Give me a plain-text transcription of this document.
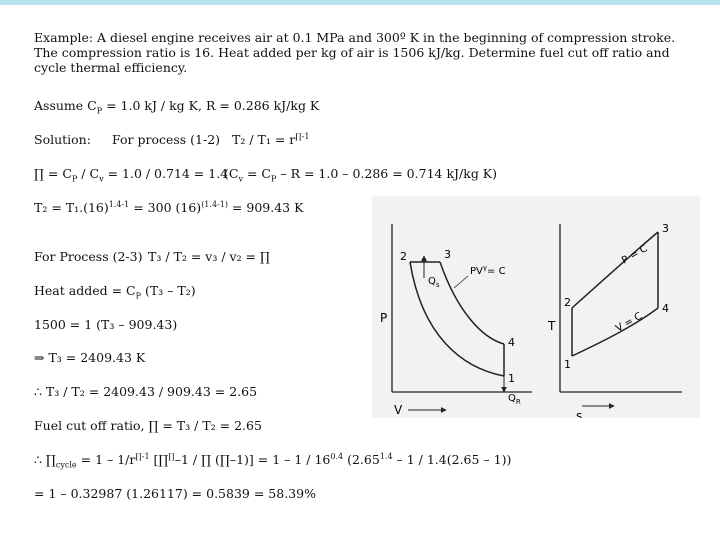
Example: A diesel engine receives air at 0.1 MPa and 300º K in the beginning of compression stroke. The compression ratio is 16. Heat added per kg of air is 1506 kJ/kg. Determine fuel cut off ratio and cycle thermal efficiency.
Assume $C_P = 1.0$ kJ / kg K, R = 0.286 kJ/kg K
Solution: For process (1-2) $T_2 / T_1 = r^{\prod-1}$
∏ = $C_P / C_v = 1.0 / 0.714 = 1.4$
($C_v = C_P - R = 1.0 - 0.286 = 0.714$ kJ/kg K)
$T_2 = T_1.(16)^{1.4-1} = 300$ $(16)^{(1.4-1)} = 909.43$ K
For Process (2-3) T₃ / T₂ = v₃ / v₂ = ∏
Heat added = $C_P$ (T₃ – T₂)
1500 = 1 (T₃ – 909.43)
⇒ T₃ = 2409.43 K
∴ T₃ / T₂ = 2409.43 / 909.43 = 2.65
Fuel cut off ratio, ∏ = T₃ / T₂ = 2.65
∴ $\prod_{cycle} = 1 - 1/r^{\prod-1}$ [∏∏–1 / ∏ (∏–1)] = $1 - 1 / 16^{0.4}$ $(2.65^{1.4} - 1 / 1.4(2.65 - 1))$
= 1 – 0.32987 (1.26117) = 0.5839 = 58.39%
P
V
$Q_s$
$Q_R$
$PV^\gamma= C$
2	3
4
1
T
s
P = C
V = C
3
4
2
1
